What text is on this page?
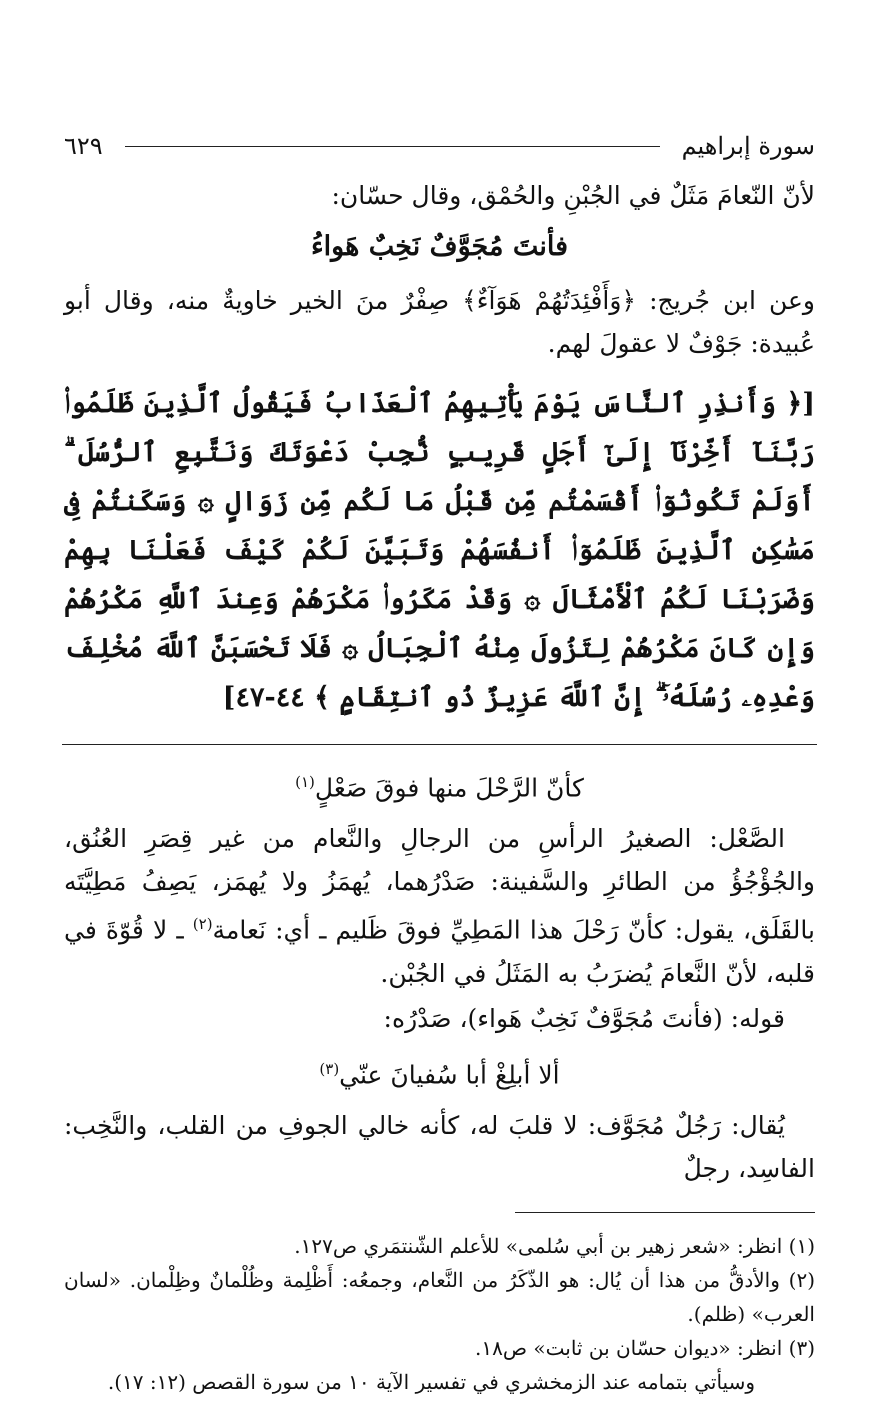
سورة إبراهيم
٦٢٩

لأنّ النّعامَ مَثَلٌ في الجُبْنِ والحُمْق، وقال حسّان:

فأنتَ مُجَوَّفٌ نَخِبٌ هَواءُ

وعن ابن جُريج: ﴿وَأَفْئِدَتُهُمْ هَوَآءٌ﴾ صِفْرٌ منَ الخير خاويةٌ منه، وقال أبو عُبيدة: جَوْفٌ لا عقولَ لهم.

[﴿ وَأَنذِرِ ٱلنَّاسَ يَوْمَ يَأْتِيهِمُ ٱلْعَذَابُ فَيَقُولُ ٱلَّذِينَ ظَلَمُوا۟ رَبَّنَآ أَخِّرْنَآ إِلَىٰٓ أَجَلٍ قَرِيبٍ نُّجِبْ دَعْوَتَكَ وَنَتَّبِعِ ٱلرُّسُلَ ۗ أَوَلَمْ تَكُونُوٓا۟ أَقْسَمْتُم مِّن قَبْلُ مَا لَكُم مِّن زَوَالٍ ۞ وَسَكَنتُمْ فِى مَسَٰكِنِ ٱلَّذِينَ ظَلَمُوٓا۟ أَنفُسَهُمْ وَتَبَيَّنَ لَكُمْ كَيْفَ فَعَلْنَا بِهِمْ وَضَرَبْنَا لَكُمُ ٱلْأَمْثَالَ ۞ وَقَدْ مَكَرُوا۟ مَكْرَهُمْ وَعِندَ ٱللَّهِ مَكْرُهُمْ وَإِن كَانَ مَكْرُهُمْ لِتَزُولَ مِنْهُ ٱلْجِبَالُ ۞ فَلَا تَحْسَبَنَّ ٱللَّهَ مُخْلِفَ وَعْدِهِۦ رُسُلَهُۥٓ ۗ إِنَّ ٱللَّهَ عَزِيزٌ ذُو ٱنتِقَامٍ ﴾ ٤٤-٤٧]

كأنّ الرَّحْلَ منها فوقَ صَعْلٍ$^{(١)}$

الصَّعْل: الصغيرُ الرأسِ من الرجالِ والنَّعام من غير قِصَرِ العُنُق، والجُؤْجُؤُ من الطائرِ والسَّفينة: صَدْرُهما، يُهمَزُ ولا يُهمَز، يَصِفُ مَطِيَّتَه بالقَلَق، يقول: كأنّ رَحْلَ هذا المَطِيِّ فوقَ ظَليم ـ أي: نَعامة$^{(٢)}$ ـ لا قُوّةَ في قلبه، لأنّ النَّعامَ يُضرَبُ به المَثَلُ في الجُبْن.

قوله: (فأنتَ مُجَوَّفٌ نَخِبٌ هَواء)، صَدْرُه:

ألا أبلِغْ أبا سُفيانَ عنّي$^{(٣)}$

يُقال: رَجُلٌ مُجَوَّف: لا قلبَ له، كأنه خالي الجوفِ من القلب، والنَّخِب: الفاسِد، رجلٌ

(١) انظر: «شعر زهير بن أبي سُلمى» للأعلم الشّنتمَري ص١٢٧.

(٢) والأدقُّ من هذا أن يُال: هو الذّكَرُ من النَّعام، وجمعُه: أَظْلِمة وظُلْمانٌ وظِلْمان. «لسان العرب» (ظلم).

(٣) انظر: «ديوان حسّان بن ثابت» ص١٨.

وسيأتي بتمامه عند الزمخشري في تفسير الآية ١٠ من سورة القصص (١٢: ١٧).
